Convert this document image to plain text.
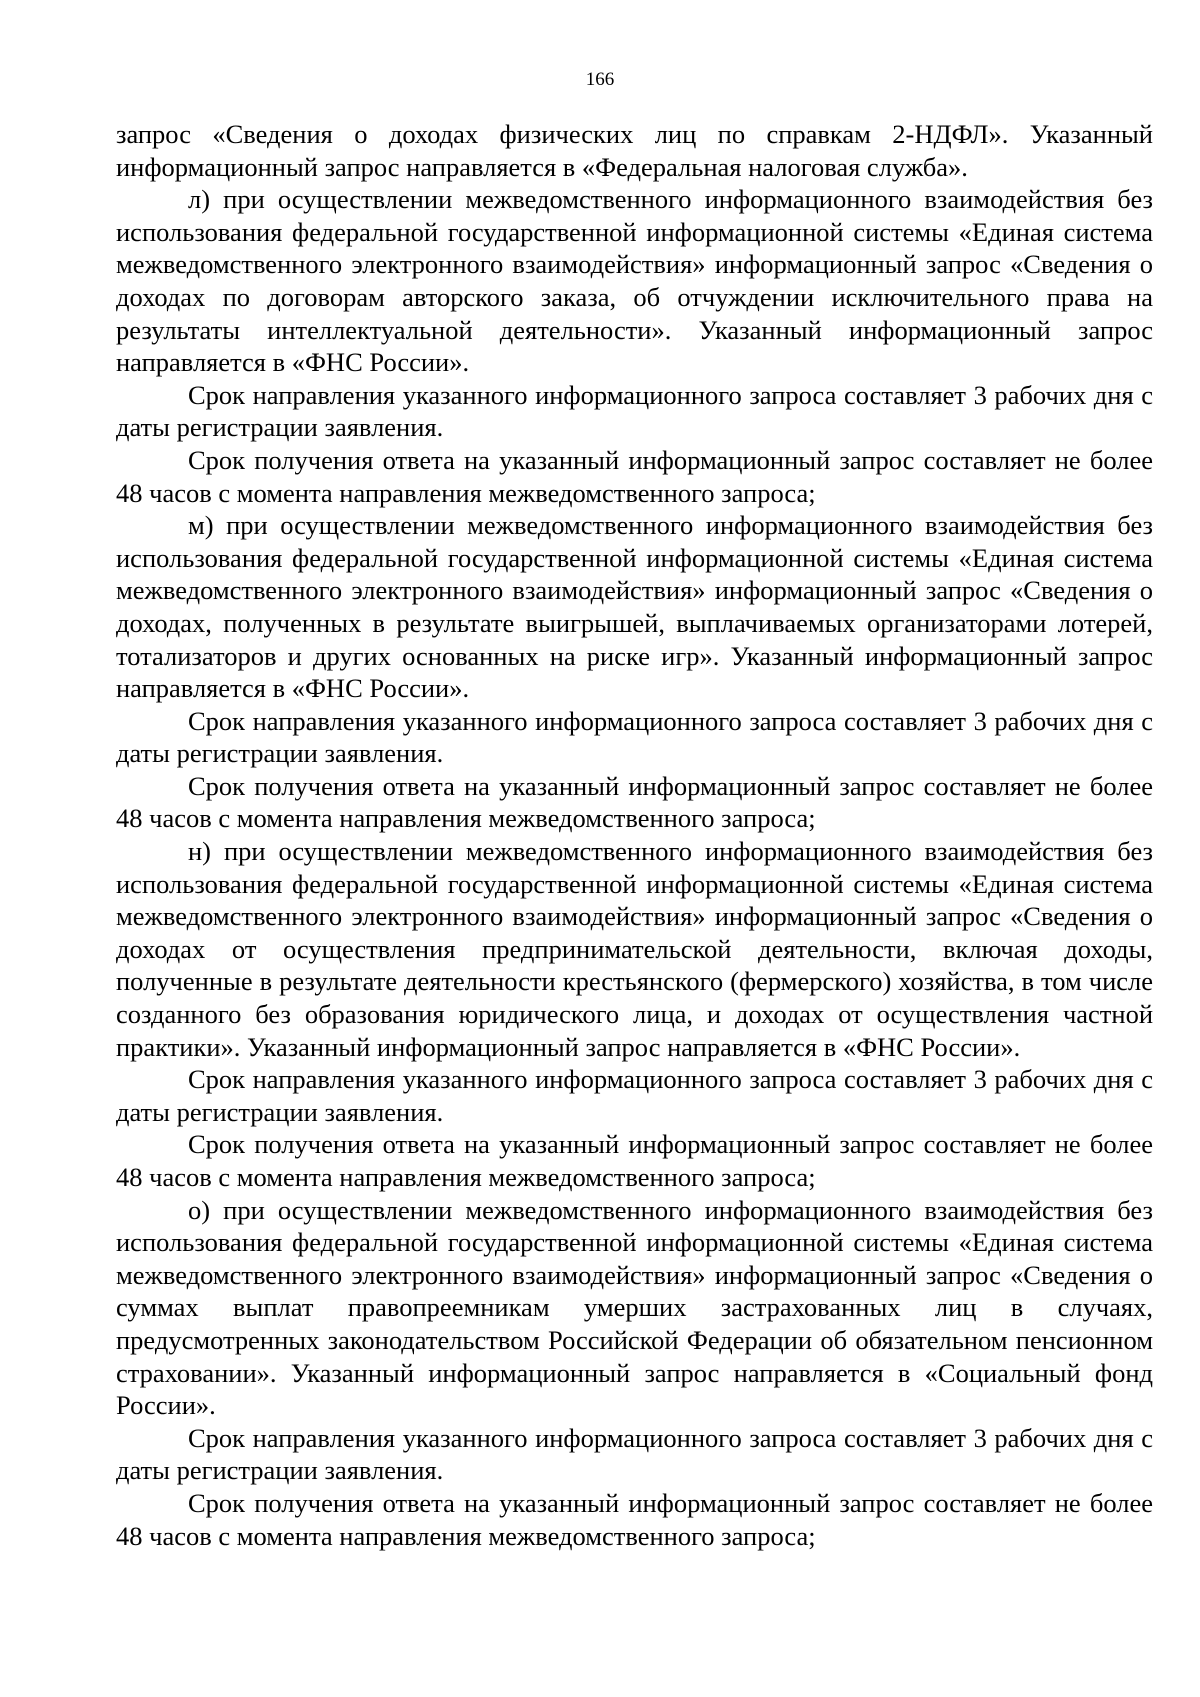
166

запрос «Сведения о доходах физических лиц по справкам 2-НДФЛ». Указанный информационный запрос направляется в «Федеральная налоговая служба».

л) при осуществлении межведомственного информационного взаимодействия без использования федеральной государственной информационной системы «Единая система межведомственного электронного взаимодействия» информационный запрос «Сведения о доходах по договорам авторского заказа, об отчуждении исключительного права на результаты интеллектуальной деятельности». Указанный информационный запрос направляется в «ФНС России».

Срок направления указанного информационного запроса составляет 3 рабочих дня с даты регистрации заявления.

Срок получения ответа на указанный информационный запрос составляет не более 48 часов с момента направления межведомственного запроса;

м) при осуществлении межведомственного информационного взаимодействия без использования федеральной государственной информационной системы «Единая система межведомственного электронного взаимодействия» информационный запрос «Сведения о доходах, полученных в результате выигрышей, выплачиваемых организаторами лотерей, тотализаторов и других основанных на риске игр». Указанный информационный запрос направляется в «ФНС России».

Срок направления указанного информационного запроса составляет 3 рабочих дня с даты регистрации заявления.

Срок получения ответа на указанный информационный запрос составляет не более 48 часов с момента направления межведомственного запроса;

н) при осуществлении межведомственного информационного взаимодействия без использования федеральной государственной информационной системы «Единая система межведомственного электронного взаимодействия» информационный запрос «Сведения о доходах от осуществления предпринимательской деятельности, включая доходы, полученные в результате деятельности крестьянского (фермерского) хозяйства, в том числе созданного без образования юридического лица, и доходах от осуществления частной практики». Указанный информационный запрос направляется в «ФНС России».

Срок направления указанного информационного запроса составляет 3 рабочих дня с даты регистрации заявления.

Срок получения ответа на указанный информационный запрос составляет не более 48 часов с момента направления межведомственного запроса;

о) при осуществлении межведомственного информационного взаимодействия без использования федеральной государственной информационной системы «Единая система межведомственного электронного взаимодействия» информационный запрос «Сведения о суммах выплат правопреемникам умерших застрахованных лиц в случаях, предусмотренных законодательством Российской Федерации об обязательном пенсионном страховании». Указанный информационный запрос направляется в «Социальный фонд России».

Срок направления указанного информационного запроса составляет 3 рабочих дня с даты регистрации заявления.

Срок получения ответа на указанный информационный запрос составляет не более 48 часов с момента направления межведомственного запроса;
